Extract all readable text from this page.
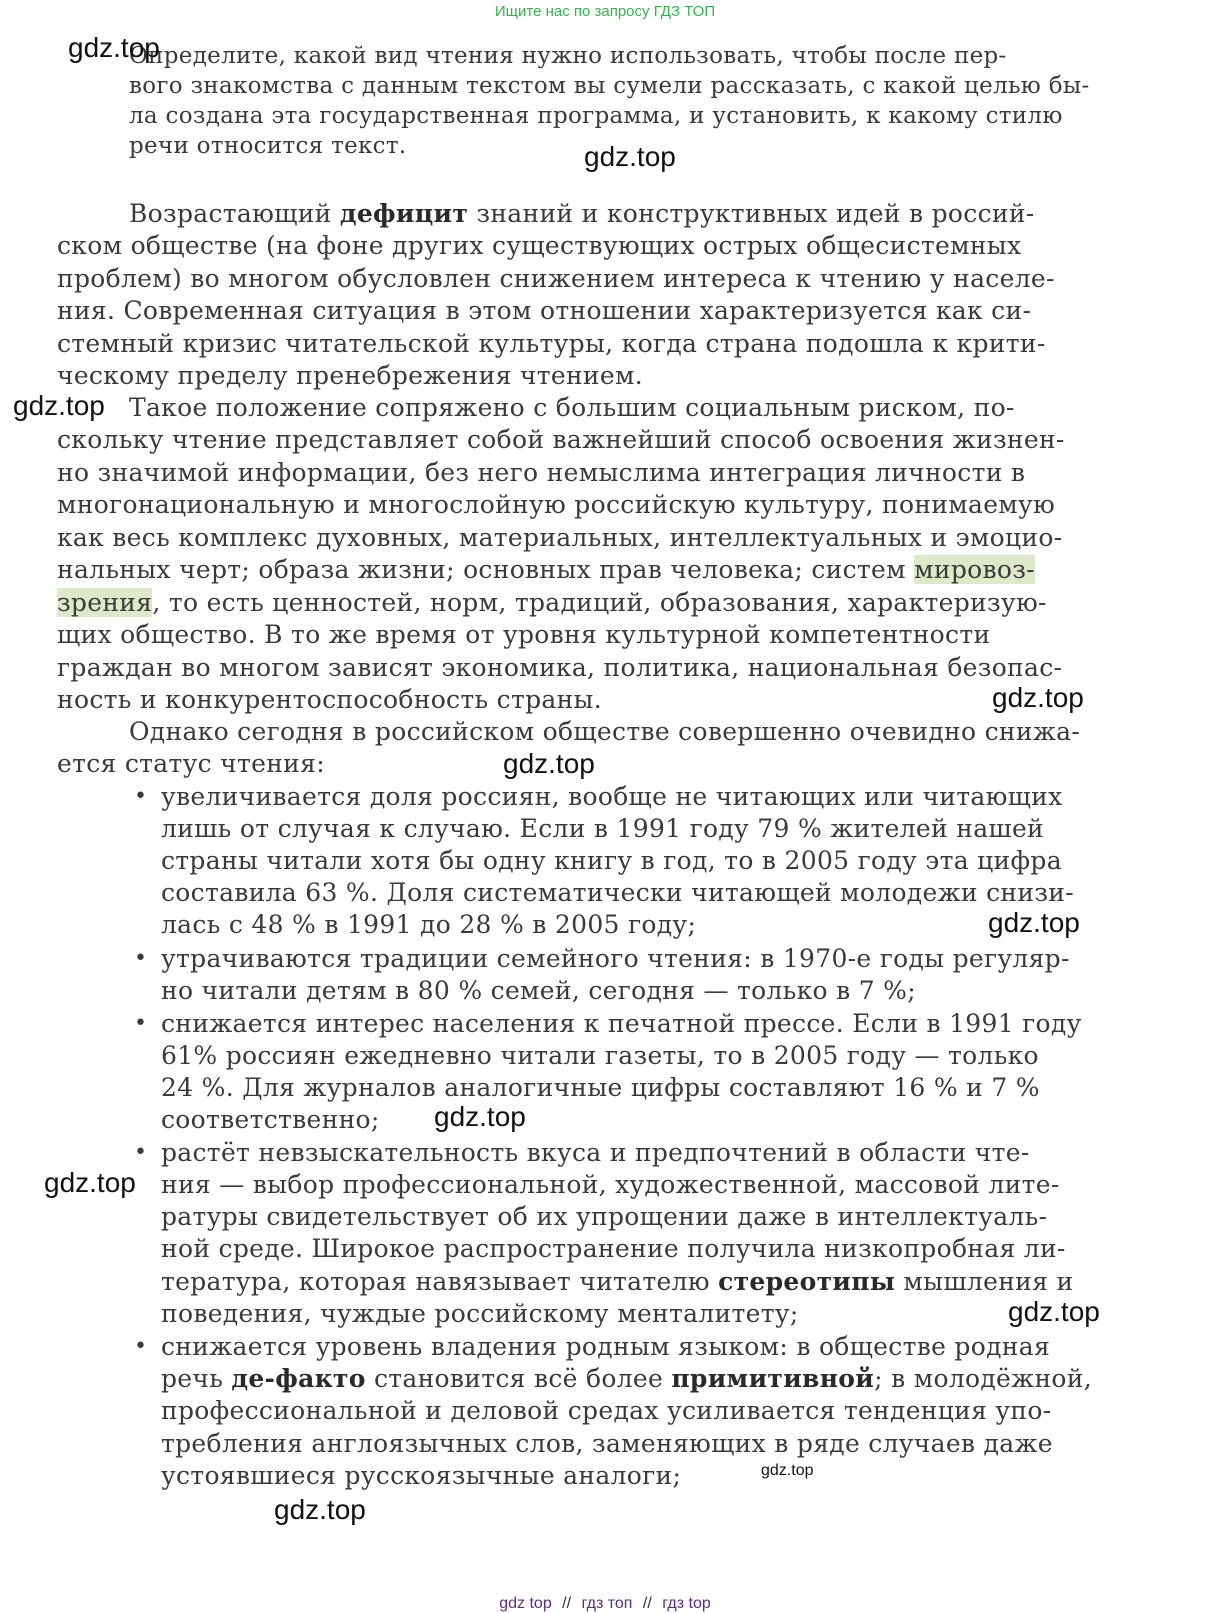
Ищите нас по запросу ГДЗ ТОП
Определите, какой вид чтения нужно использовать, чтобы после пер-
вого знакомства с данным текстом вы сумели рассказать, с какой целью бы-
ла создана эта государственная программа, и установить, к какому стилю
речи относится текст.
Возрастающий дефицит знаний и конструктивных идей в россий-
ском обществе (на фоне других существующих острых общесистемных
проблем) во многом обусловлен снижением интереса к чтению у населе-
ния. Современная ситуация в этом отношении характеризуется как си-
стемный кризис читательской культуры, когда страна подошла к крити-
ческому пределу пренебрежения чтением.
Такое положение сопряжено с большим социальным риском, по-
скольку чтение представляет собой важнейший способ освоения жизнен-
но значимой информации, без него немыслима интеграция личности в
многонациональную и многослойную российскую культуру, понимаемую
как весь комплекс духовных, материальных, интеллектуальных и эмоцио-
нальных черт; образа жизни; основных прав человека; систем мировоз-
зрения, то есть ценностей, норм, традиций, образования, характеризую-
щих общество. В то же время от уровня культурной компетентности
граждан во многом зависят экономика, политика, национальная безопас-
ность и конкурентоспособность страны.
Однако сегодня в российском обществе совершенно очевидно снижа-
ется статус чтения:
• увеличивается доля россиян, вообще не читающих или читающих
лишь от случая к случаю. Если в 1991 году 79 % жителей нашей
страны читали хотя бы одну книгу в год, то в 2005 году эта цифра
составила 63 %. Доля систематически читающей молодежи снизи-
лась с 48 % в 1991 до 28 % в 2005 году;
• утрачиваются традиции семейного чтения: в 1970-е годы регуляр-
но читали детям в 80 % семей, сегодня — только в 7 %;
• снижается интерес населения к печатной прессе. Если в 1991 году
61% россиян ежедневно читали газеты, то в 2005 году — только
24 %. Для журналов аналогичные цифры составляют 16 % и 7 %
соответственно;
• растёт невзыскательность вкуса и предпочтений в области чте-
ния — выбор профессиональной, художественной, массовой лите-
ратуры свидетельствует об их упрощении даже в интеллектуаль-
ной среде. Широкое распространение получила низкопробная ли-
тература, которая навязывает читателю стереотипы мышления и
поведения, чуждые российскому менталитету;
• снижается уровень владения родным языком: в обществе родная
речь де-факто становится всё более примитивной; в молодёжной,
профессиональной и деловой средах усиливается тенденция упо-
требления англоязычных слов, заменяющих в ряде случаев даже
устоявшиеся русскоязычные аналоги;
gdz.top
gdz.top
gdz.top
gdz.top
gdz.top
gdz.top
gdz.top
gdz.top
gdz.top
gdz.top
gdz.top
gdz top // гдз топ // гдз top
